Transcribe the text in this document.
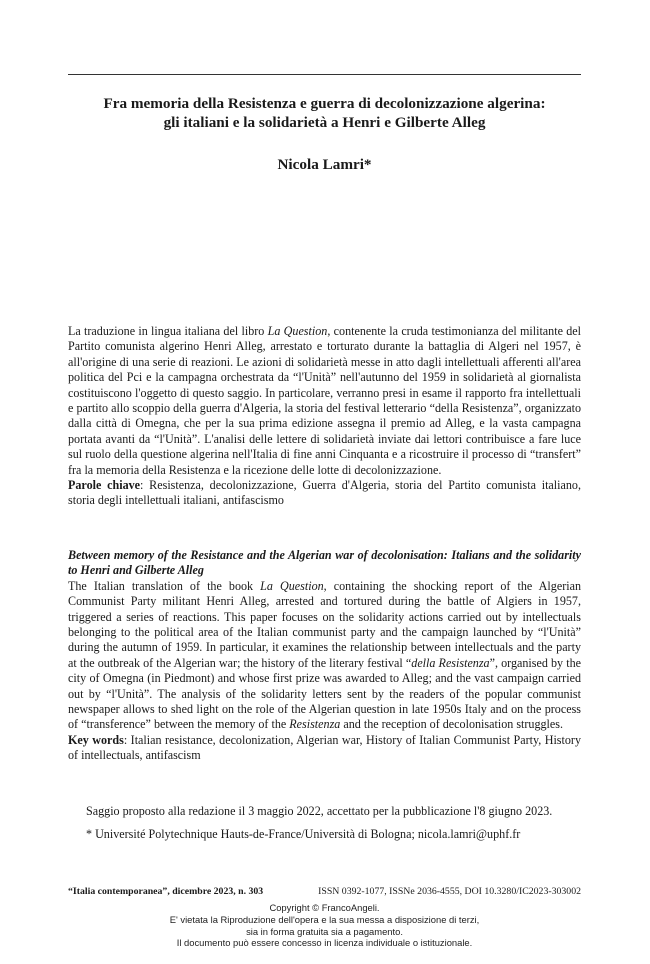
Fra memoria della Resistenza e guerra di decolonizzazione algerina:
gli italiani e la solidarietà a Henri e Gilberte Alleg
Nicola Lamri*

La traduzione in lingua italiana del libro La Question, contenente la cruda testimonianza del militante del Partito comunista algerino Henri Alleg, arrestato e torturato durante la battaglia di Algeri nel 1957, è all'origine di una serie di reazioni. Le azioni di solidarietà messe in atto dagli intellettuali afferenti all'area politica del Pci e la campagna orchestrata da “l'Unità” nell'autunno del 1959 in solidarietà al giornalista costituiscono l'oggetto di questo saggio. In particolare, verranno presi in esame il rapporto fra intellettuali e partito allo scoppio della guerra d'Algeria, la storia del festival letterario “della Resistenza”, organizzato dalla città di Omegna, che per la sua prima edizione assegna il premio ad Alleg, e la vasta campagna portata avanti da “l'Unità”. L'analisi delle lettere di solidarietà inviate dai lettori contribuisce a fare luce sul ruolo della questione algerina nell'Italia di fine anni Cinquanta e a ricostruire il processo di “transfert” fra la memoria della Resistenza e la ricezione delle lotte di decolonizzazione.

Parole chiave: Resistenza, decolonizzazione, Guerra d'Algeria, storia del Partito comunista italiano, storia degli intellettuali italiani, antifascismo

Between memory of the Resistance and the Algerian war of decolonisation: Italians and the solidarity to Henri and Gilberte Alleg

The Italian translation of the book La Question, containing the shocking report of the Algerian Communist Party militant Henri Alleg, arrested and tortured during the battle of Algiers in 1957, triggered a series of reactions. This paper focuses on the solidarity actions carried out by intellectuals belonging to the political area of the Italian communist party and the campaign launched by “l'Unità” during the autumn of 1959. In particular, it examines the relationship between intellectuals and the party at the outbreak of the Algerian war; the history of the literary festival “della Resistenza”, organised by the city of Omegna (in Piedmont) and whose first prize was awarded to Alleg; and the vast campaign carried out by “l'Unità”. The analysis of the solidarity letters sent by the readers of the popular communist newspaper allows to shed light on the role of the Algerian question in late 1950s Italy and on the process of “transference” between the memory of the Resistenza and the reception of decolonisation struggles.

Key words: Italian resistance, decolonization, Algerian war, History of Italian Communist Party, History of intellectuals, antifascism

Saggio proposto alla redazione il 3 maggio 2022, accettato per la pubblicazione l'8 giugno 2023.

* Université Polytechnique Hauts-de-France/Università di Bologna; nicola.lamri@uphf.fr

“Italia contemporanea”, dicembre 2023, n. 303	ISSN 0392-1077, ISSNe 2036-4555, DOI 10.3280/IC2023-303002
Copyright © FrancoAngeli.
E' vietata la Riproduzione dell'opera e la sua messa a disposizione di terzi,
sia in forma gratuita sia a pagamento.
Il documento può essere concesso in licenza individuale o istituzionale.
